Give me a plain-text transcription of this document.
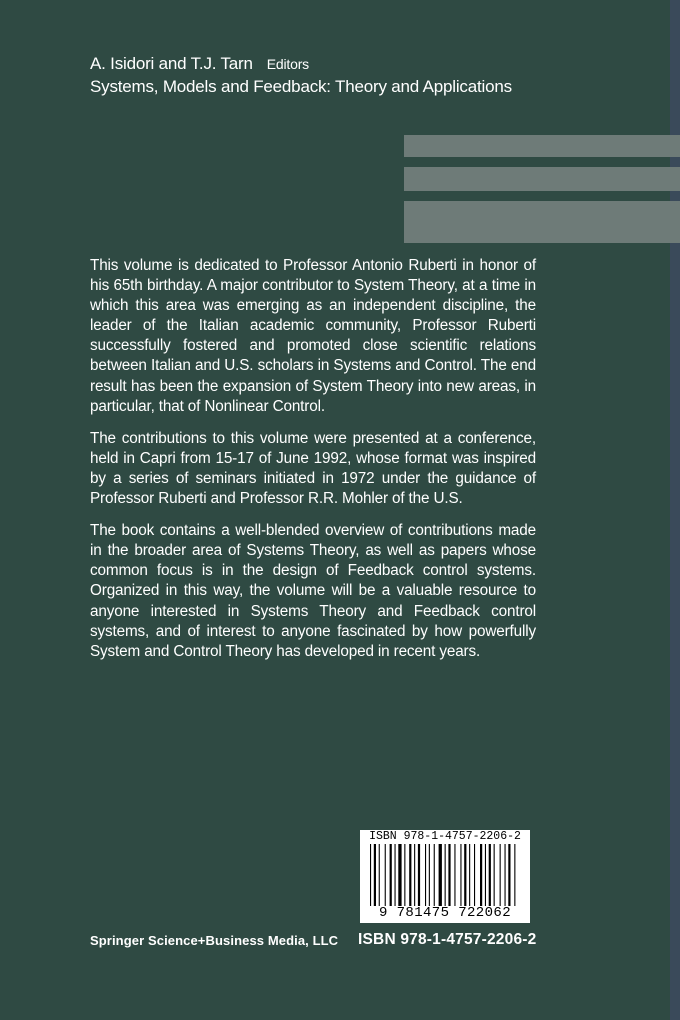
A. Isidori and T.J. Tarn Editors
Systems, Models and Feedback: Theory and Applications

This volume is dedicated to Professor Antonio Ruberti in honor of his 65th birthday. A major contributor to System Theory, at a time in which this area was emerging as an independent discipline, the leader of the Italian academic community, Professor Ruberti successfully fostered and promoted close scientific relations between Italian and U.S. scholars in Systems and Control. The end result has been the expansion of System Theory into new areas, in particular, that of Nonlinear Control.

The contributions to this volume were presented at a conference, held in Capri from 15-17 of June 1992, whose format was inspired by a series of seminars initiated in 1972 under the guidance of Professor Ruberti and Professor R.R. Mohler of the U.S.

The book contains a well-blended overview of contributions made in the broader area of Systems Theory, as well as papers whose common focus is in the design of Feedback control systems. Organized in this way, the volume will be a valuable resource to anyone interested in Systems Theory and Feedback control systems, and of interest to anyone fascinated by how powerfully System and Control Theory has developed in recent years.

ISBN 978-1-4757-2206-2
9 781475 722062
Springer Science+Business Media, LLC ISBN 978-1-4757-2206-2
